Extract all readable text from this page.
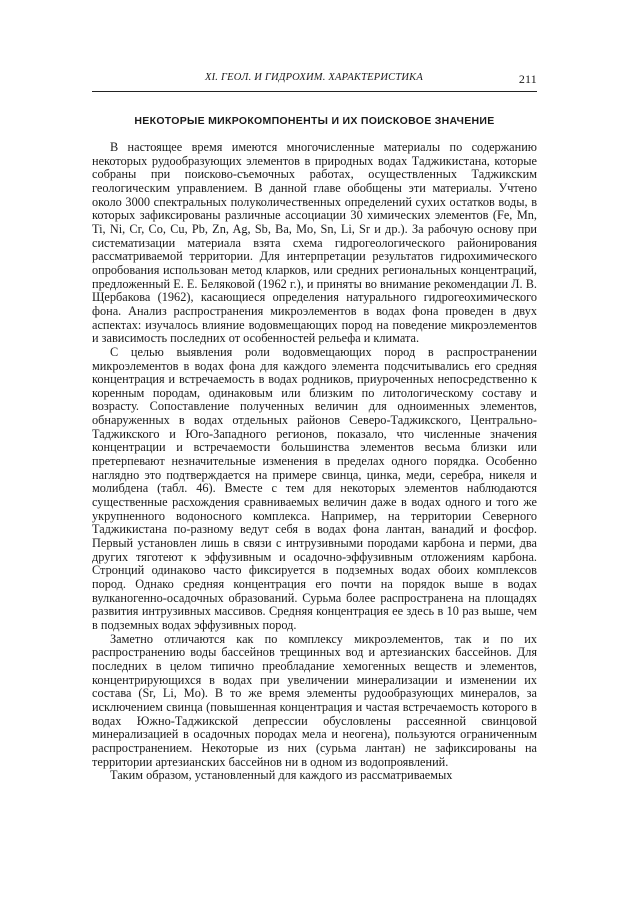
XI. ГЕОЛ. И ГИДРОХИМ. ХАРАКТЕРИСТИКА	211
НЕКОТОРЫЕ МИКРОКОМПОНЕНТЫ И ИХ ПОИСКОВОЕ ЗНАЧЕНИЕ

В настоящее время имеются многочисленные материалы по содержанию некоторых рудообразующих элементов в природных водах Таджикистана, которые собраны при поисково-съемочных работах, осуществленных Таджикским геологическим управлением. В данной главе обобщены эти материалы. Учтено около 3000 спектральных полуколичественных определений сухих остатков воды, в которых зафиксированы различные ассоциации 30 химических элементов (Fe, Mn, Ti, Ni, Cr, Co, Cu, Pb, Zn, Ag, Sb, Ba, Mo, Sn, Li, Sr и др.). За рабочую основу при систематизации материала взята схема гидрогеологического районирования рассматриваемой территории. Для интерпретации результатов гидрохимического опробования использован метод кларков, или средних региональных концентраций, предложенный Е. Е. Беляковой (1962 г.), и приняты во внимание рекомендации Л. В. Щербакова (1962), касающиеся определения натурального гидрогеохимического фона. Анализ распространения микроэлементов в водах фона проведен в двух аспектах: изучалось влияние водовмещающих пород на поведение микроэлементов и зависимость последних от особенностей рельефа и климата.

С целью выявления роли водовмещающих пород в распространении микроэлементов в водах фона для каждого элемента подсчитывались его средняя концентрация и встречаемость в водах родников, приуроченных непосредственно к коренным породам, одинаковым или близким по литологическому составу и возрасту. Сопоставление полученных величин для одноименных элементов, обнаруженных в водах отдельных районов Северо-Таджикского, Центрально-Таджикского и Юго-Западного регионов, показало, что численные значения концентрации и встречаемости большинства элементов весьма близки или претерпевают незначительные изменения в пределах одного порядка. Особенно наглядно это подтверждается на примере свинца, цинка, меди, серебра, никеля и молибдена (табл. 46). Вместе с тем для некоторых элементов наблюдаются существенные расхождения сравниваемых величин даже в водах одного и того же укрупненного водоносного комплекса. Например, на территории Северного Таджикистана по-разному ведут себя в водах фона лантан, ванадий и фосфор. Первый установлен лишь в связи с интрузивными породами карбона и перми, два других тяготеют к эффузивным и осадочно-эффузивным отложениям карбона. Стронций одинаково часто фиксируется в подземных водах обоих комплексов пород. Однако средняя концентрация его почти на порядок выше в водах вулканогенно-осадочных образований. Сурьма более распространена на площадях развития интрузивных массивов. Средняя концентрация ее здесь в 10 раз выше, чем в подземных водах эффузивных пород.

Заметно отличаются как по комплексу микроэлементов, так и по их распространению воды бассейнов трещинных вод и артезианских бассейнов. Для последних в целом типично преобладание хемогенных веществ и элементов, концентрирующихся в водах при увеличении минерализации и изменении их состава (Sr, Li, Mo). В то же время элементы рудообразующих минералов, за исключением свинца (повышенная концентрация и частая встречаемость которого в водах Южно-Таджикской депрессии обусловлены рассеянной свинцовой минерализацией в осадочных породах мела и неогена), пользуются ограниченным распространением. Некоторые из них (сурьма лантан) не зафиксированы на территории артезианских бассейнов ни в одном из водопроявлений.

Таким образом, установленный для каждого из рассматриваемых
